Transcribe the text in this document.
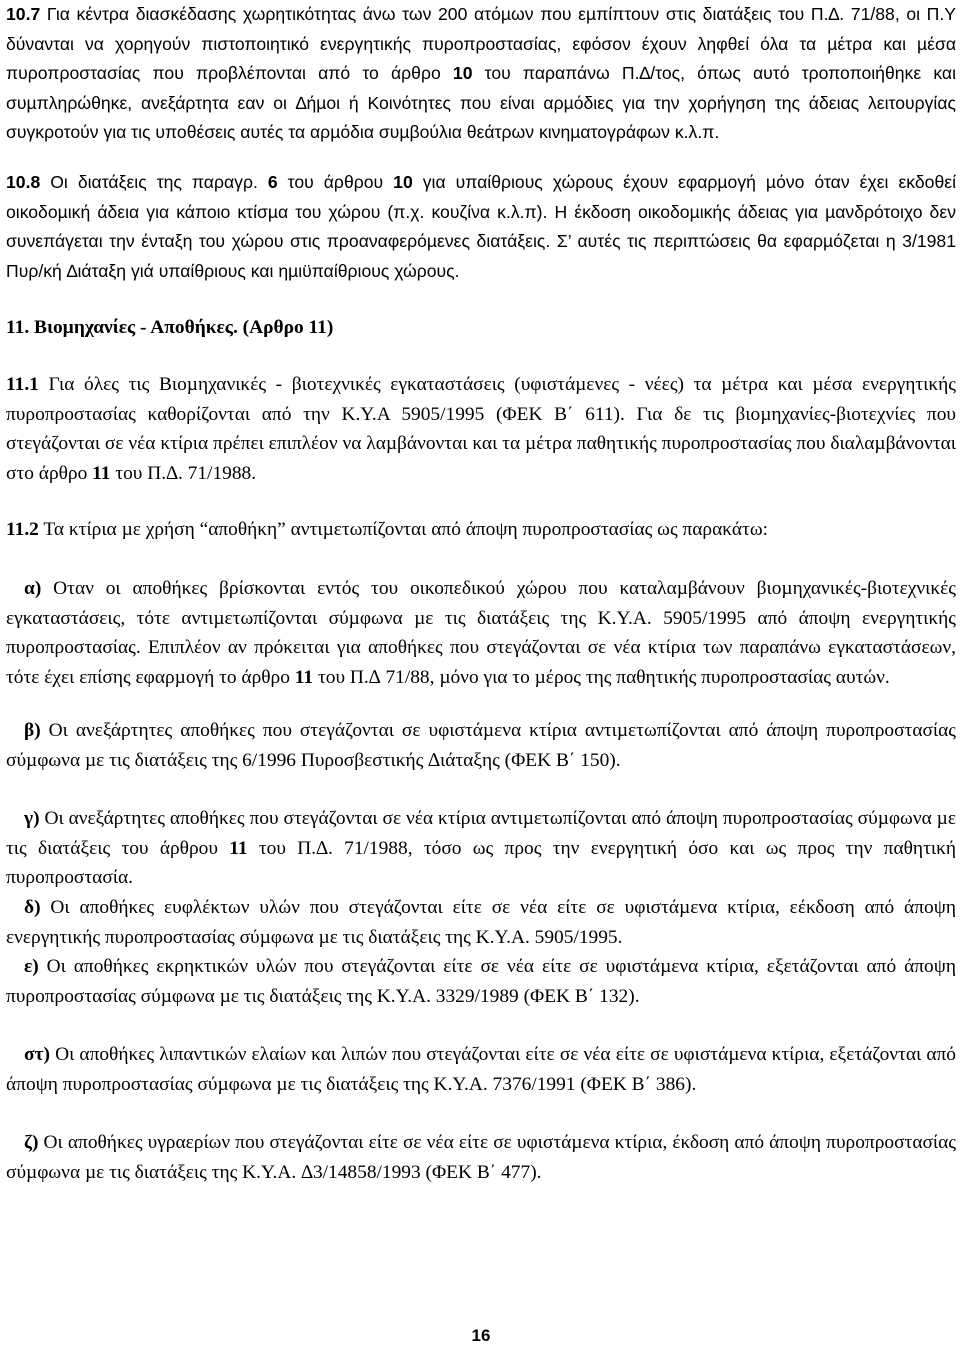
10.7 Για κέντρα διασκέδασης χωρητικότητας άνω των 200 ατόµων που εµπίπτουν στις διατάξεις του Π.∆. 71/88, οι Π.Υ δύνανται να χορηγούν πιστοποιητικό ενεργητικής πυροπροστασίας, εφόσον έχουν ληφθεί όλα τα µέτρα και µέσα πυροπροστασίας που προβλέπονται από το άρθρο 10 του παραπάνω Π.∆/τος, όπως αυτό τροποποιήθηκε και συµπληρώθηκε, ανεξάρτητα εαν οι ∆ήµοι ή Κοινότητες που είναι αρµόδιες για την χορήγηση της άδειας λειτουργίας συγκροτούν για τις υποθέσεις αυτές τα αρµόδια συµβούλια θεάτρων κινηµατογράφων κ.λ.π.

10.8 Οι διατάξεις της παραγρ. 6 του άρθρου 10 για υπαίθριους χώρους έχουν εφαρµογή µόνο όταν έχει εκδοθεί οικοδοµική άδεια για κάποιο κτίσµα του χώρου (π.χ. κουζίνα κ.λ.π). Η έκδοση οικοδοµικής άδειας για µανδρότοιχο δεν συνεπάγεται την ένταξη του χώρου στις προαναφερόµενες διατάξεις. Σ’ αυτές τις περιπτώσεις θα εφαρµόζεται η 3/1981 Πυρ/κή ∆ιάταξη γιά υπαίθριους και ηµιϋπαίθριους χώρους.

11. Βιοµηχανίες - Αποθήκες. (Αρθρο 11)

11.1 Για όλες τις Βιοµηχανικές - βιοτεχνικές εγκαταστάσεις (υφιστάµενες - νέες) τα µέτρα και µέσα ενεργητικής πυροπροστασίας καθορίζονται από την Κ.Υ.Α 5905/1995 (ΦΕΚ Β΄ 611). Για δε τις βιοµηχανίες-βιοτεχνίες που στεγάζονται σε νέα κτίρια πρέπει επιπλέον να λαµβάνονται και τα µέτρα παθητικής πυροπροστασίας που διαλαµβάνονται στο άρθρο 11 του Π.∆. 71/1988.

11.2 Τα κτίρια µε χρήση “αποθήκη” αντιµετωπίζονται από άποψη πυροπροστασίας ως παρακάτω:

α) Οταν οι αποθήκες βρίσκονται εντός του οικοπεδικού χώρου που καταλαµβάνουν βιοµηχανικές-βιοτεχνικές εγκαταστάσεις, τότε αντιµετωπίζονται σύµφωνα µε τις διατάξεις της Κ.Υ.Α. 5905/1995 από άποψη ενεργητικής πυροπροστασίας. Επιπλέον αν πρόκειται για αποθήκες που στεγάζονται σε νέα κτίρια των παραπάνω εγκαταστάσεων, τότε έχει επίσης εφαρµογή το άρθρο 11 του Π.∆ 71/88, µόνο για το µέρος της παθητικής πυροπροστασίας αυτών.

β) Οι ανεξάρτητες αποθήκες που στεγάζονται σε υφιστάµενα κτίρια αντιµετωπίζονται από άποψη πυροπροστασίας σύµφωνα µε τις διατάξεις της 6/1996 Πυροσβεστικής ∆ιάταξης (ΦΕΚ Β΄ 150).

γ) Οι ανεξάρτητες αποθήκες που στεγάζονται σε νέα κτίρια αντιµετωπίζονται από άποψη πυροπροστασίας σύµφωνα µε τις διατάξεις του άρθρου 11 του Π.∆. 71/1988, τόσο ως προς την ενεργητική όσο και ως προς την παθητική πυροπροστασία.

δ) Οι αποθήκες ευφλέκτων υλών που στεγάζονται είτε σε νέα είτε σε υφιστάµενα κτίρια, εέκδοση από άποψη ενεργητικής πυροπροστασίας σύµφωνα µε τις διατάξεις της Κ.Υ.Α. 5905/1995.

ε) Οι αποθήκες εκρηκτικών υλών που στεγάζονται είτε σε νέα είτε σε υφιστάµενα κτίρια, εξετάζονται από άποψη πυροπροστασίας σύµφωνα µε τις διατάξεις της Κ.Υ.Α. 3329/1989 (ΦΕΚ Β΄ 132).

στ) Οι αποθήκες λιπαντικών ελαίων και λιπών που στεγάζονται είτε σε νέα είτε σε υφιστάµενα κτίρια, εξετάζονται από άποψη πυροπροστασίας σύµφωνα µε τις διατάξεις της Κ.Υ.Α. 7376/1991 (ΦΕΚ Β΄ 386).

ζ) Οι αποθήκες υγραερίων που στεγάζονται είτε σε νέα είτε σε υφιστάµενα κτίρια, έκδοση από άποψη πυροπροστασίας σύµφωνα µε τις διατάξεις της Κ.Υ.Α. ∆3/14858/1993 (ΦΕΚ Β΄ 477).

16
